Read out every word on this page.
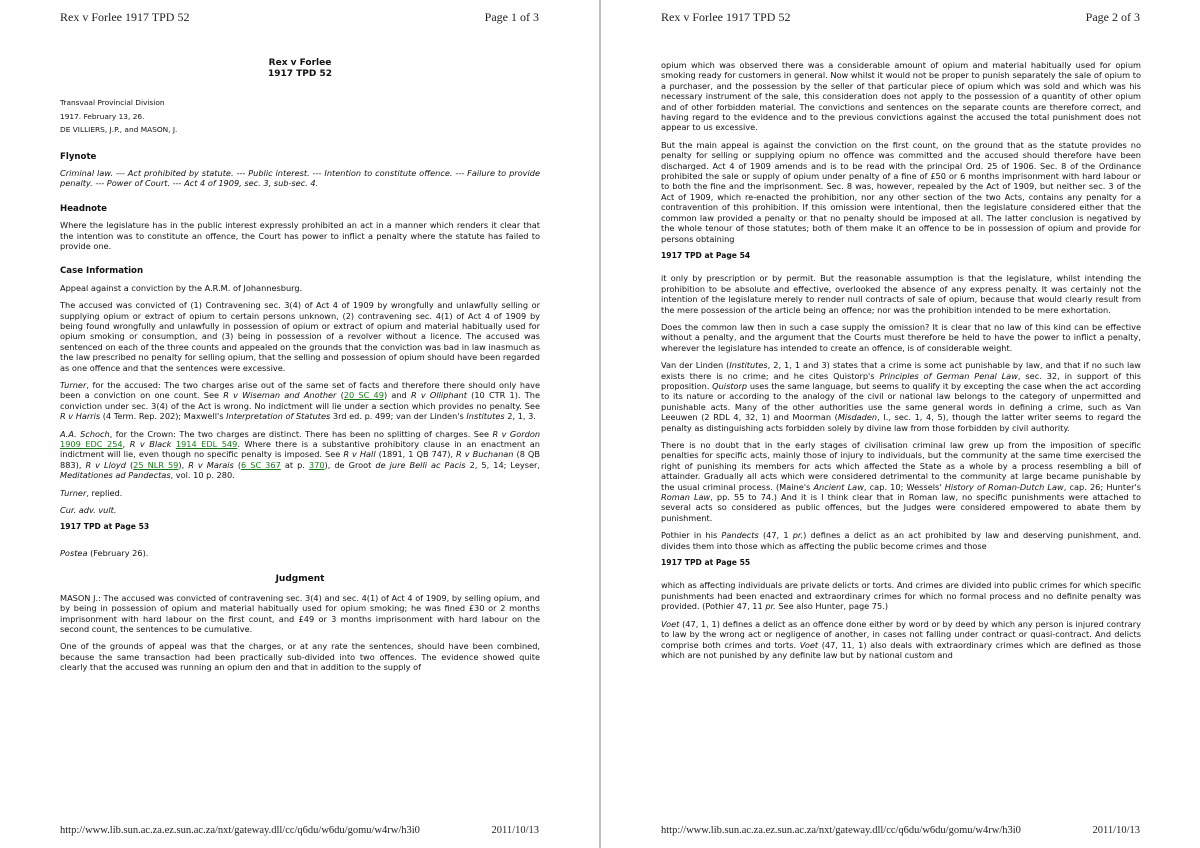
Rex v Forlee 1917 TPD 52	Page 1 of 3
Rex v Forlee
1917 TPD 52
Transvaal Provincial Division
1917. February 13, 26.
DE VILLIERS, J.P., and MASON, J.
Flynote

Criminal law. --- Act prohibited by statute. --- Public interest. --- Intention to constitute offence. --- Failure to provide penalty. --- Power of Court. --- Act 4 of 1909, sec. 3, sub-sec. 4.

Headnote

Where the legislature has in the public interest expressly prohibited an act in a manner which renders it clear that the intention was to constitute an offence, the Court has power to inflict a penalty where the statute has failed to provide one.

Case Information

Appeal against a conviction by the A.R.M. of Johannesburg.

The accused was convicted of (1) Contravening sec. 3(4) of Act 4 of 1909 by wrongfully and unlawfully selling or supplying opium or extract of opium to certain persons unknown, (2) contravening sec. 4(1) of Act 4 of 1909 by being found wrongfully and unlawfully in possession of opium or extract of opium and material habitually used for opium smoking or consumption, and (3) being in possession of a revolver without a licence. The accused was sentenced on each of the three counts and appealed on the grounds that the conviction was bad in law inasmuch as the law prescribed no penalty for selling opium, that the selling and possession of opium should have been regarded as one offence and that the sentences were excessive.

Turner, for the accused: The two charges arise out of the same set of facts and therefore there should only have been a conviction on one count. See R v Wiseman and Another (20 SC 49) and R v Olliphant (10 CTR 1). The conviction under sec. 3(4) of the Act is wrong. No indictment will lie under a section which provides no penalty. See R v Harris (4 Term. Rep. 202); Maxwell's Interpretation of Statutes 3rd ed. p. 499; van der Linden's Institutes 2, 1, 3.

A.A. Schoch, for the Crown: The two charges are distinct. There has been no splitting of charges. See R v Gordon 1909 EDC 254, R v Black 1914 EDL 549. Where there is a substantive prohibitory clause in an enactment an indictment will lie, even though no specific penalty is imposed. See R v Hall (1891, 1 QB 747), R v Buchanan (8 QB 883), R v Lloyd (25 NLR 59), R v Marais (6 SC 367 at p. 370), de Groot de jure Belli ac Pacis 2, 5, 14; Leyser, Meditationes ad Pandectas, vol. 10 p. 280.

Turner, replied.

Cur. adv. vult.

1917 TPD at Page 53

Postea (February 26).

Judgment

MASON J.: The accused was convicted of contravening sec. 3(4) and sec. 4(1) of Act 4 of 1909, by selling opium, and by being in possession of opium and material habitually used for opium smoking; he was fined £30 or 2 months imprisonment with hard labour on the first count, and £49 or 3 months imprisonment with hard labour on the second count, the sentences to be cumulative.

One of the grounds of appeal was that the charges, or at any rate the sentences, should have been combined, because the same transaction had been practically sub-divided into two offences. The evidence showed quite clearly that the accused was running an opium den and that in addition to the supply of

http://www.lib.sun.ac.za.ez.sun.ac.za/nxt/gateway.dll/cc/q6du/w6du/gomu/w4rw/h3i0	2011/10/13
Rex v Forlee 1917 TPD 52	Page 2 of 3

opium which was observed there was a considerable amount of opium and material habitually used for opium smoking ready for customers in general. Now whilst it would not be proper to punish separately the sale of opium to a purchaser, and the possession by the seller of that particular piece of opium which was sold and which was his necessary instrument of the sale, this consideration does not apply to the possession of a quantity of other opium and of other forbidden material. The convictions and sentences on the separate counts are therefore correct, and having regard to the evidence and to the previous convictions against the accused the total punishment does not appear to us excessive.

But the main appeal is against the conviction on the first count, on the ground that as the statute provides no penalty for selling or supplying opium no offence was committed and the accused should therefore have been discharged. Act 4 of 1909 amends and is to be read with the principal Ord. 25 of 1906. Sec. 8 of the Ordinance prohibited the sale or supply of opium under penalty of a fine of £50 or 6 months imprisonment with hard labour or to both the fine and the imprisonment. Sec. 8 was, however, repealed by the Act of 1909, but neither sec. 3 of the Act of 1909, which re-enacted the prohibition, nor any other section of the two Acts, contains any penalty for a contravention of this prohibition. If this omission were intentional, then the legislature considered either that the common law provided a penalty or that no penalty should be imposed at all. The latter conclusion is negatived by the whole tenour of those statutes; both of them make it an offence to be in possession of opium and provide for persons obtaining

1917 TPD at Page 54

it only by prescription or by permit. But the reasonable assumption is that the legislature, whilst intending the prohibition to be absolute and effective, overlooked the absence of any express penalty. It was certainly not the intention of the legislature merely to render null contracts of sale of opium, because that would clearly result from the mere possession of the article being an offence; nor was the prohibition intended to be mere exhortation.

Does the common law then in such a case supply the omission? It is clear that no law of this kind can be effective without a penalty, and the argument that the Courts must therefore be held to have the power to inflict a penalty, wherever the legislature has intended to create an offence, is of considerable weight.

Van der Linden (Institutes, 2, 1, 1 and 3) states that a crime is some act punishable by law, and that if no such law exists there is no crime; and he cites Quistorp's Principles of German Penal Law, sec. 32, in support of this proposition. Quistorp uses the same language, but seems to qualify it by excepting the case when the act according to its nature or according to the analogy of the civil or national law belongs to the category of unpermitted and punishable acts. Many of the other authorities use the same general words in defining a crime, such as Van Leeuwen (2 RDL 4, 32, 1) and Moorman (Misdaden, I., sec. 1, 4, 5), though the latter writer seems to regard the penalty as distinguishing acts forbidden solely by divine law from those forbidden by civil authority.

There is no doubt that in the early stages of civilisation criminal law grew up from the imposition of specific penalties for specific acts, mainly those of injury to individuals, but the community at the same time exercised the right of punishing its members for acts which affected the State as a whole by a process resembling a bill of attainder. Gradually all acts which were considered detrimental to the community at large became punishable by the usual criminal process. (Maine's Ancient Law, cap. 10; Wessels' History of Roman-Dutch Law, cap. 26; Hunter's Roman Law, pp. 55 to 74.) And it is I think clear that in Roman law, no specific punishments were attached to several acts so considered as public offences, but the Judges were considered empowered to abate them by punishment.

Pothier in his Pandects (47, 1 pr.) defines a delict as an act prohibited by law and deserving punishment, and. divides them into those which as affecting the public become crimes and those

1917 TPD at Page 55

which as affecting individuals are private delicts or torts. And crimes are divided into public crimes for which specific punishments had been enacted and extraordinary crimes for which no formal process and no definite penalty was provided. (Pothier 47, 11 pr. See also Hunter, page 75.)

Voet (47, 1, 1) defines a delict as an offence done either by word or by deed by which any person is injured contrary to law by the wrong act or negligence of another, in cases not falling under contract or quasi-contract. And delicts comprise both crimes and torts. Voet (47, 11, 1) also deals with extraordinary crimes which are defined as those which are not punished by any definite law but by national custom and

http://www.lib.sun.ac.za.ez.sun.ac.za/nxt/gateway.dll/cc/q6du/w6du/gomu/w4rw/h3i0	2011/10/13
